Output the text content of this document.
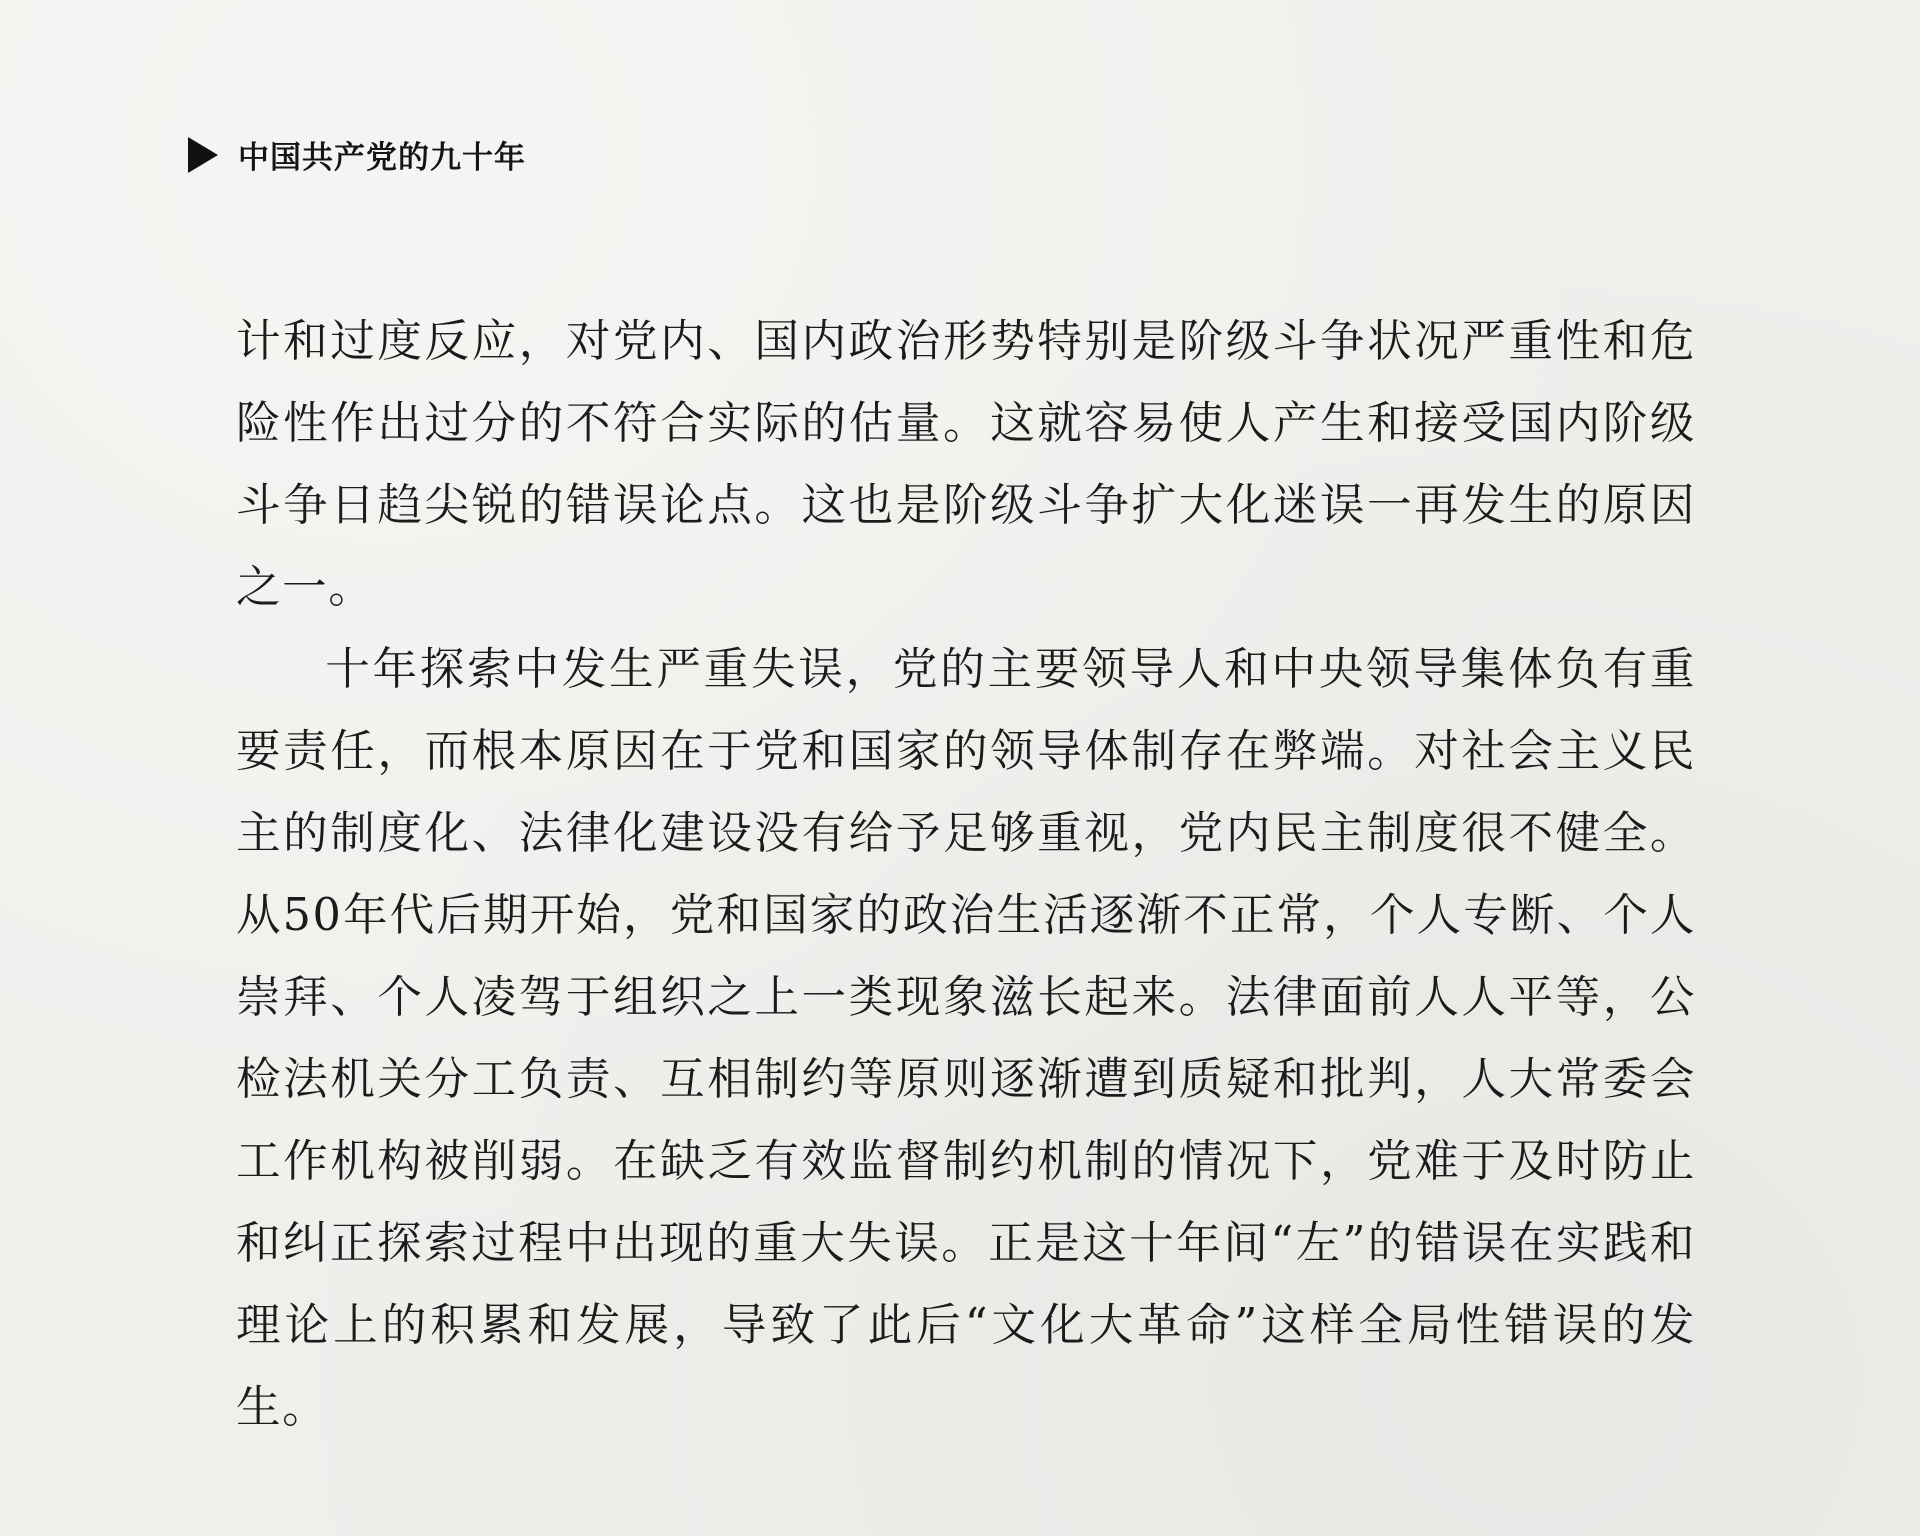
中国共产党的九十年

计和过度反应，对党内、国内政治形势特别是阶级斗争状况严重性和危险性作出过分的不符合实际的估量。这就容易使人产生和接受国内阶级斗争日趋尖锐的错误论点。这也是阶级斗争扩大化迷误一再发生的原因之一。

十年探索中发生严重失误，党的主要领导人和中央领导集体负有重要责任，而根本原因在于党和国家的领导体制存在弊端。对社会主义民主的制度化、法律化建设没有给予足够重视，党内民主制度很不健全。从50年代后期开始，党和国家的政治生活逐渐不正常，个人专断、个人崇拜、个人凌驾于组织之上一类现象滋长起来。法律面前人人平等，公检法机关分工负责、互相制约等原则逐渐遭到质疑和批判，人大常委会工作机构被削弱。在缺乏有效监督制约机制的情况下，党难于及时防止和纠正探索过程中出现的重大失误。正是这十年间“左”的错误在实践和理论上的积累和发展，导致了此后“文化大革命”这样全局性错误的发生。
